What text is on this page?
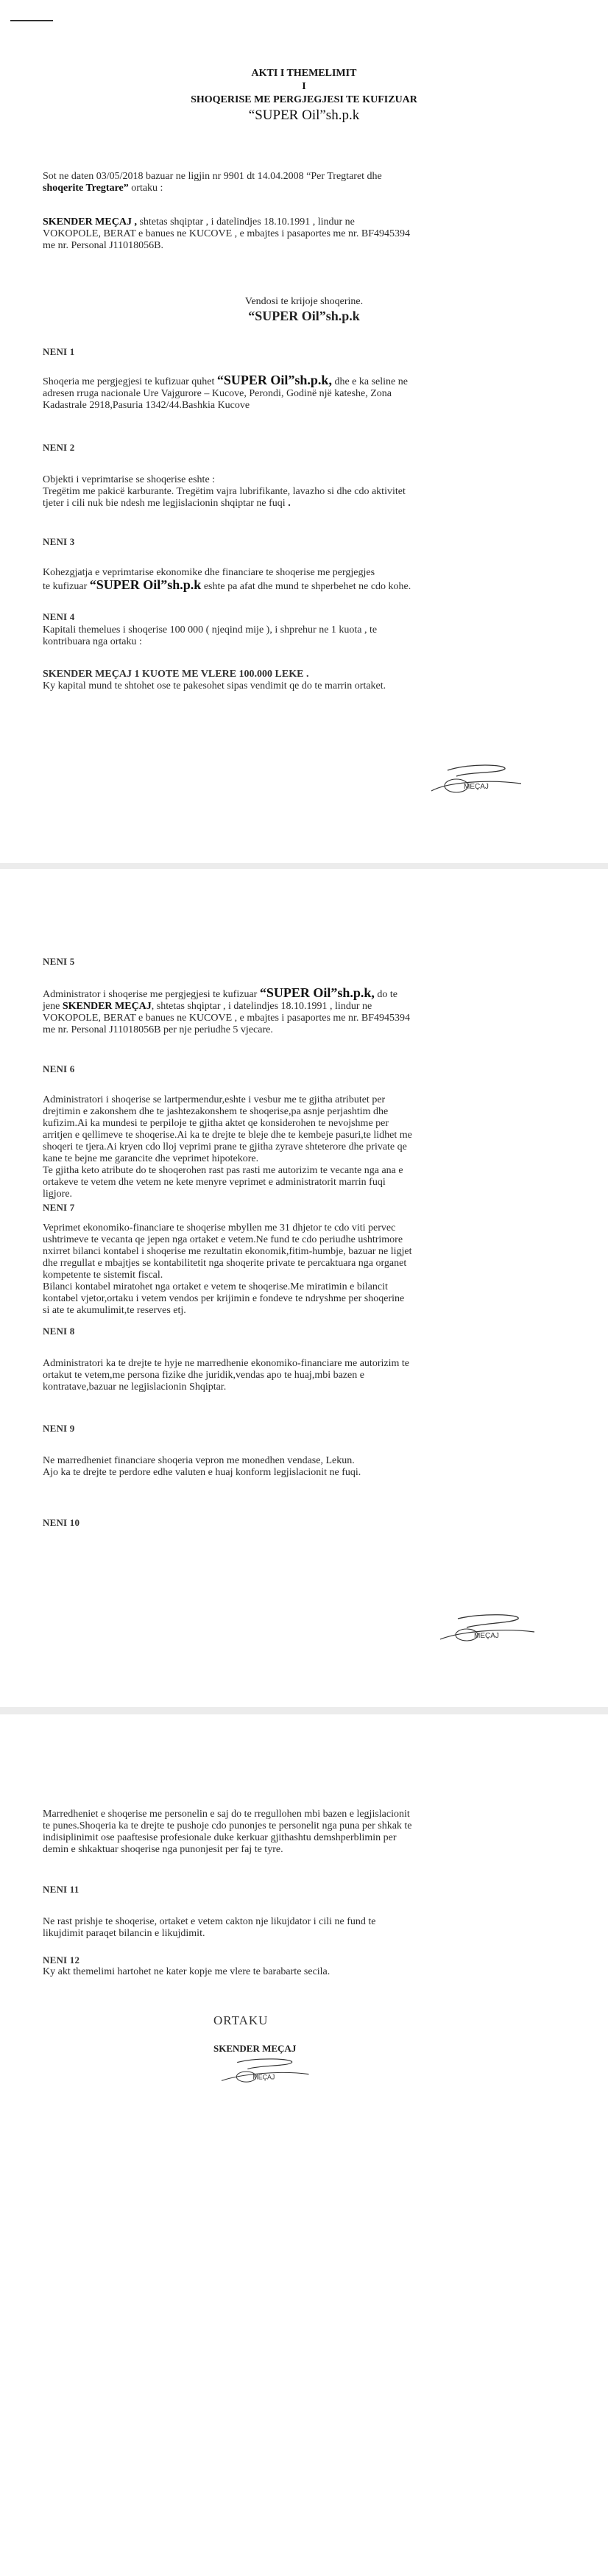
AKTI I THEMELIMIT
I
SHOQERISE ME PERGJEGJESI TE KUFIZUAR
“SUPER Oil”sh.p.k
Sot ne daten 03/05/2018 bazuar ne ligjin nr 9901 dt 14.04.2008 “Per Tregtaret dhe
shoqerite Tregtare” ortaku :
SKENDER MEÇAJ , shtetas shqiptar , i datelindjes 18.10.1991 , lindur ne
VOKOPOLE, BERAT e banues ne KUCOVE , e mbajtes i pasaportes me nr. BF4945394
me nr. Personal J11018056B.
Vendosi te krijoje shoqerine.
“SUPER Oil”sh.p.k
NENI 1
Shoqeria me pergjegjesi te kufizuar quhet “SUPER Oil”sh.p.k, dhe e ka seline ne
adresen rruga nacionale Ure Vajgurore – Kucove, Perondi, Godinë një kateshe, Zona
Kadastrale 2918,Pasuria 1342/44.Bashkia Kucove
NENI 2
Objekti i veprimtarise se shoqerise eshte :
Tregëtim me pakicë karburante. Tregëtim vajra lubrifikante, lavazho si dhe cdo aktivitet
tjeter i cili nuk bie ndesh me legjislacionin shqiptar ne fuqi .
NENI 3
Kohezgjatja e veprimtarise ekonomike dhe financiare te shoqerise me pergjegjes
te kufizuar “SUPER Oil”sh.p.k eshte pa afat dhe mund te shperbehet ne cdo kohe.
NENI 4
Kapitali themelues i shoqerise 100 000 ( njeqind mije ), i shprehur ne 1 kuota , te
kontribuara nga ortaku :
SKENDER MEÇAJ 1 KUOTE ME VLERE 100.000 LEKE .
Ky kapital mund te shtohet ose te pakesohet sipas vendimit qe do te marrin ortaket.
MEÇAJ
NENI 5
Administrator i shoqerise me pergjegjesi te kufizuar “SUPER Oil”sh.p.k, do te
jene SKENDER MEÇAJ, shtetas shqiptar , i datelindjes 18.10.1991 , lindur ne
VOKOPOLE, BERAT e banues ne KUCOVE , e mbajtes i pasaportes me nr. BF4945394
me nr. Personal J11018056B per nje periudhe 5 vjecare.
NENI 6
Administratori i shoqerise se lartpermendur,eshte i vesbur me te gjitha atributet per
drejtimin e zakonshem dhe te jashtezakonshem te shoqerise,pa asnje perjashtim dhe
kufizim.Ai ka mundesi te perpiloje te gjitha aktet qe konsiderohen te nevojshme per
arritjen e qellimeve te shoqerise.Ai ka te drejte te bleje dhe te kembeje pasuri,te lidhet me
shoqeri te tjera.Ai kryen cdo lloj veprimi prane te gjitha zyrave shteterore dhe private qe
kane te bejne me garancite dhe veprimet hipotekore.
Te gjitha keto atribute do te shoqerohen rast pas rasti me autorizim te vecante nga ana e
ortakeve te vetem dhe vetem ne kete menyre veprimet e administratorit marrin fuqi
ligjore.
NENI 7
Veprimet ekonomiko-financiare te shoqerise mbyllen me 31 dhjetor te cdo viti pervec
ushtrimeve te vecanta qe jepen nga ortaket e vetem.Ne fund te cdo periudhe ushtrimore
nxirret bilanci kontabel i shoqerise me rezultatin ekonomik,fitim-humbje, bazuar ne ligjet
dhe rregullat e mbajtjes se kontabilitetit nga shoqerite private te percaktuara nga organet
kompetente te sistemit fiscal.
Bilanci kontabel miratohet nga ortaket e vetem te shoqerise.Me miratimin e bilancit
kontabel vjetor,ortaku i vetem vendos per krijimin e fondeve te ndryshme per shoqerine
si ate te akumulimit,te reserves etj.
NENI 8
Administratori ka te drejte te hyje ne marredhenie ekonomiko-financiare me autorizim te
ortakut te vetem,me persona fizike dhe juridik,vendas apo te huaj,mbi bazen e
kontratave,bazuar ne legjislacionin Shqiptar.
NENI 9
Ne marredheniet financiare shoqeria vepron me monedhen vendase, Lekun.
Ajo ka te drejte te perdore edhe valuten e huaj konform legjislacionit ne fuqi.
NENI 10
MEÇAJ
Marredheniet e shoqerise me personelin e saj do te rregullohen mbi bazen e legjislacionit
te punes.Shoqeria ka te drejte te pushoje cdo punonjes te personelit nga puna per shkak te
indisiplinimit ose paaftesise profesionale duke kerkuar gjithashtu demshperblimin per
demin e shkaktuar shoqerise nga punonjesit per faj te tyre.
NENI 11
Ne rast prishje te shoqerise, ortaket e vetem cakton nje likujdator i cili ne fund te
likujdimit paraqet bilancin e likujdimit.
NENI 12
Ky akt themelimi hartohet ne kater kopje me vlere te barabarte secila.
ORTAKU
SKENDER MEÇAJ
MEÇAJ
